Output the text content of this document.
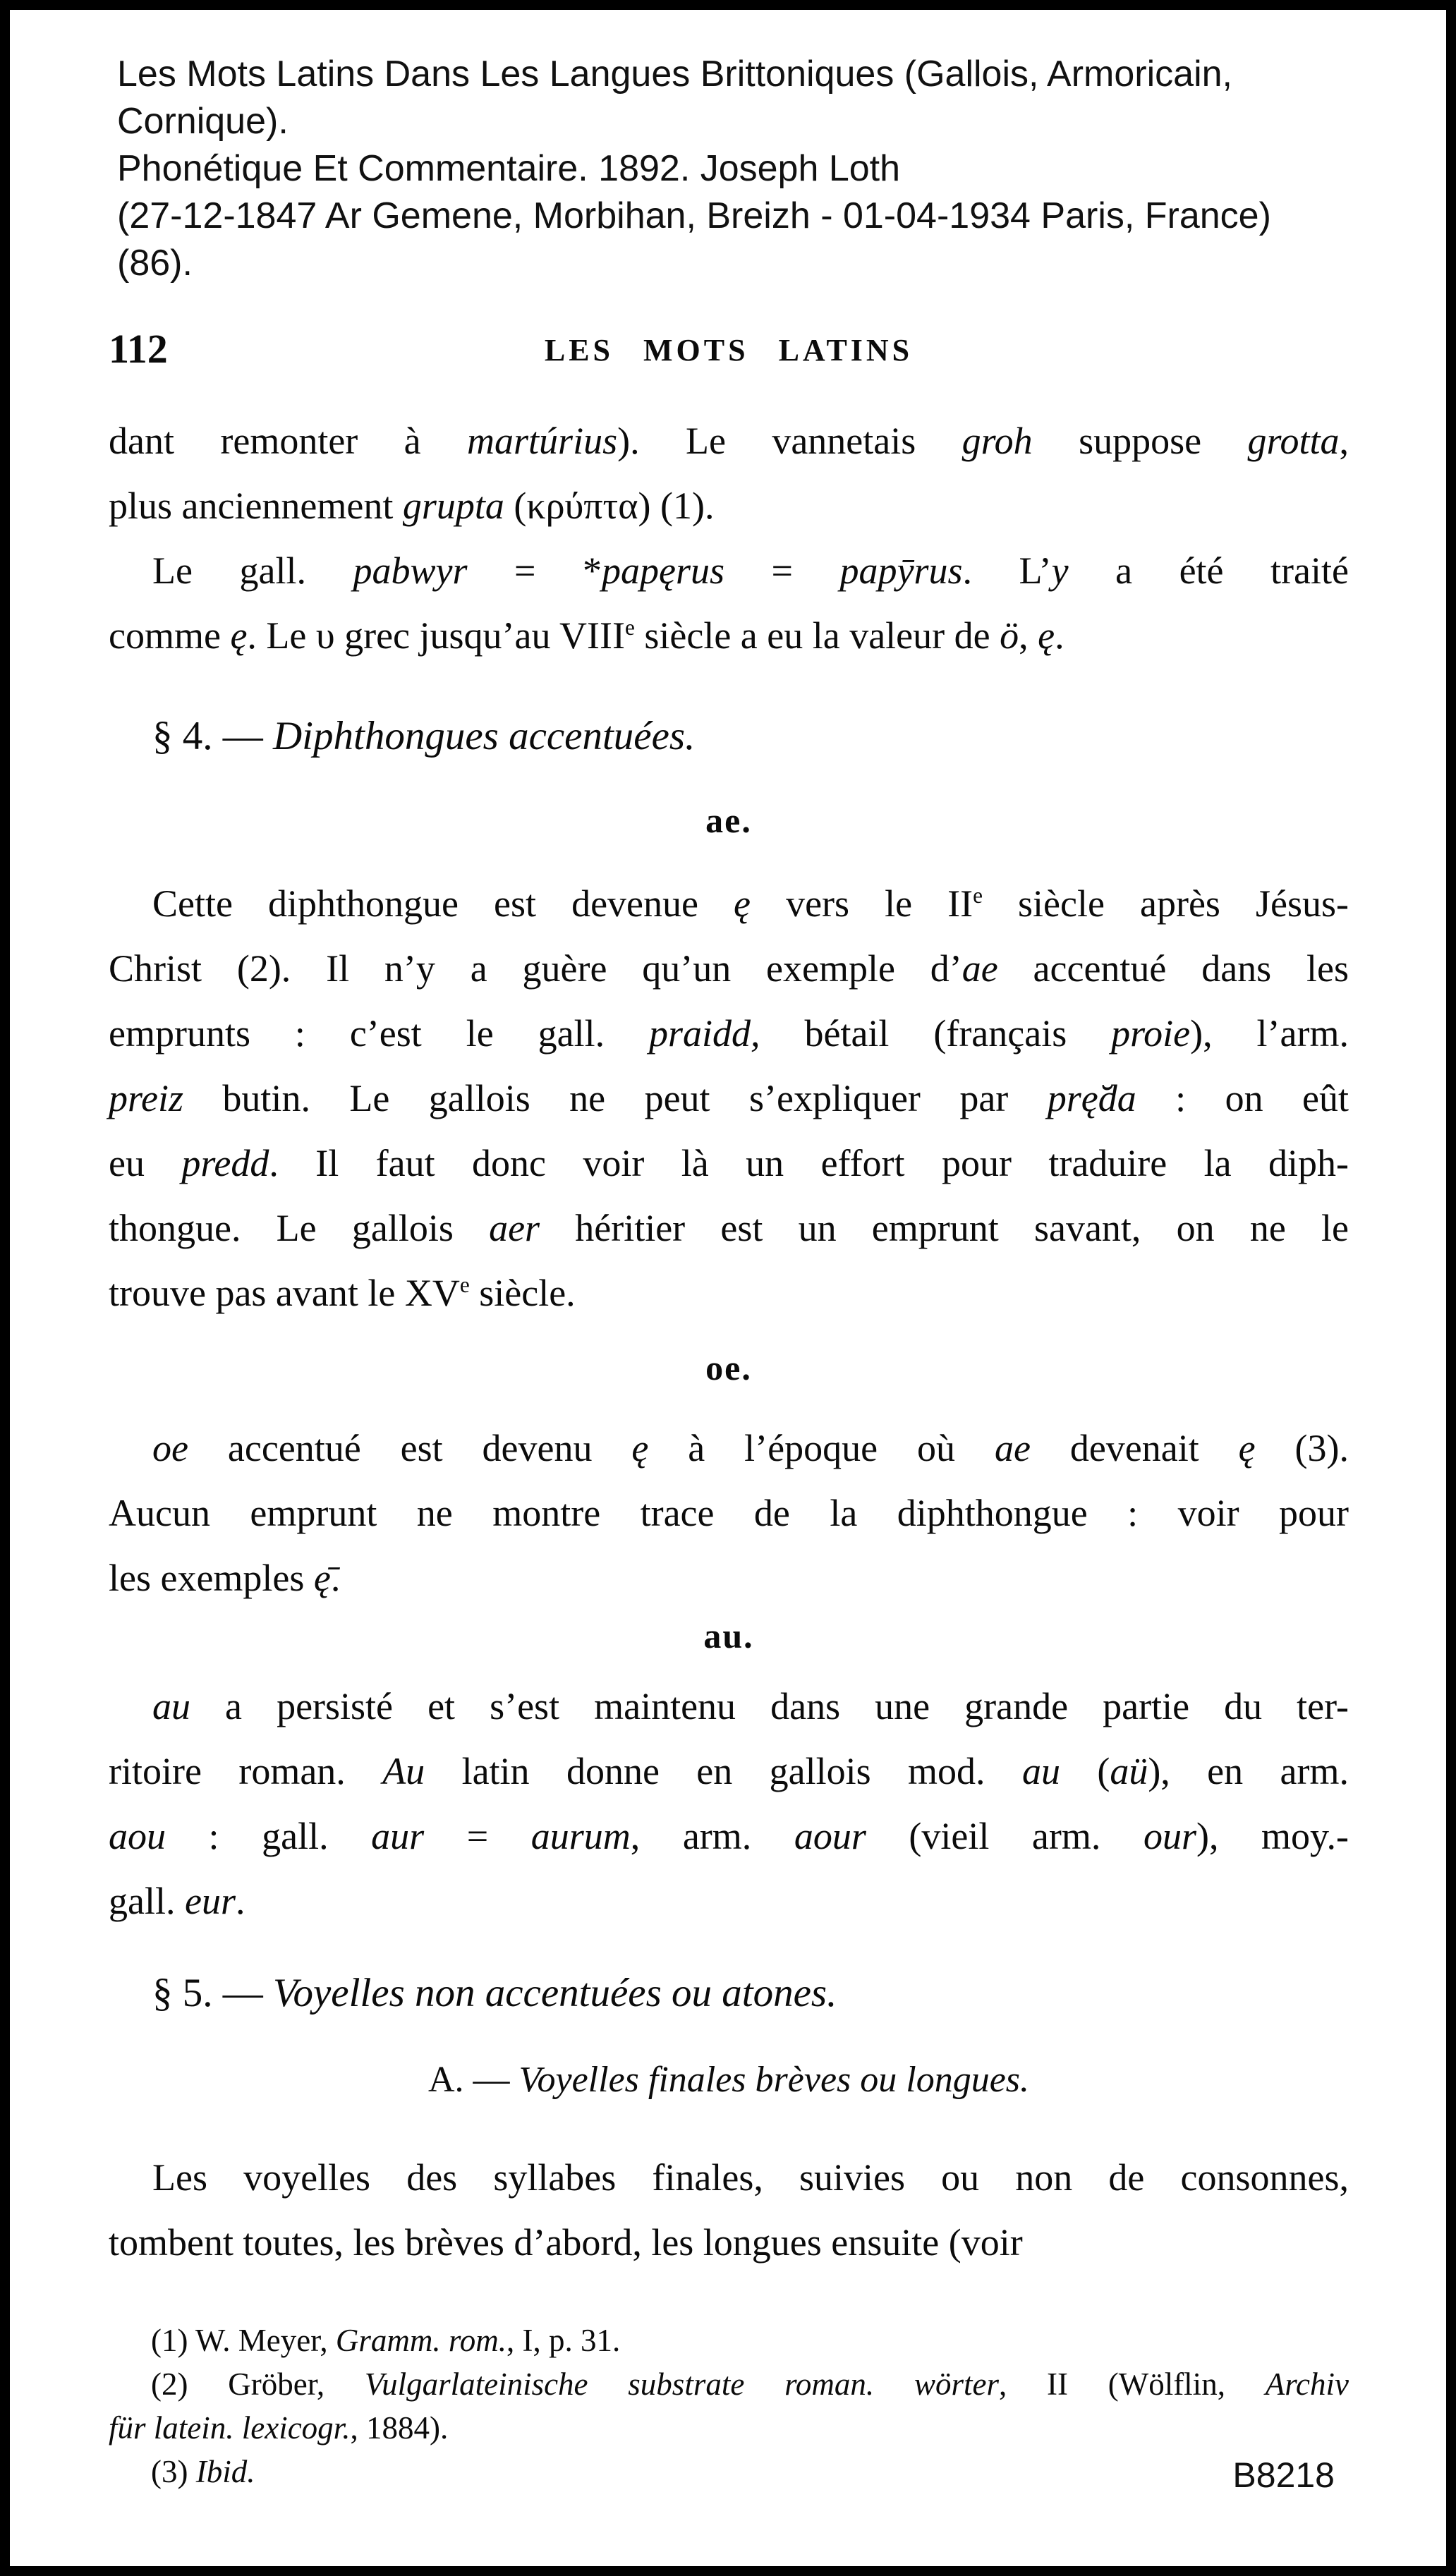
Les Mots Latins Dans Les Langues Brittoniques (Gallois, Armoricain, Cornique).
Phonétique Et Commentaire. 1892. Joseph Loth
(27-12-1847 Ar Gemene, Morbihan, Breizh - 01-04-1934 Paris, France) (86).
112	LES MOTS LATINS
dant remonter à martúrius). Le vannetais groh suppose grotta,
plus anciennement grupta (κρύπτα) (1).
Le gall. pabwyr = *papęrus = papȳrus. L’y a été traité
comme ę. Le υ grec jusqu’au VIIIe siècle a eu la valeur de ö, ę.
§ 4. — Diphthongues accentuées.
ae.
Cette diphthongue est devenue ę vers le IIe siècle après Jésus-
Christ (2). Il n’y a guère qu’un exemple d’ae accentué dans les
emprunts : c’est le gall. praidd, bétail (français proie), l’arm.
preiz butin. Le gallois ne peut s’expliquer par prę̆da : on eût
eu predd. Il faut donc voir là un effort pour traduire la diph-
thongue. Le gallois aer héritier est un emprunt savant, on ne le
trouve pas avant le XVe siècle.
oe.
oe accentué est devenu ę à l’époque où ae devenait ę (3).
Aucun emprunt ne montre trace de la diphthongue : voir pour
les exemples ę̄.
au.
au a persisté et s’est maintenu dans une grande partie du ter-
ritoire roman. Au latin donne en gallois mod. au (aü), en arm.
aou : gall. aur = aurum, arm. aour (vieil arm. our), moy.-
gall. eur.
§ 5. — Voyelles non accentuées ou atones.
A. — Voyelles finales brèves ou longues.
Les voyelles des syllabes finales, suivies ou non de consonnes,
tombent toutes, les brèves d’abord, les longues ensuite (voir
(1) W. Meyer, Gramm. rom., I, p. 31.
(2) Gröber, Vulgarlateinische substrate roman. wörter, II (Wölflin, Archiv
für latein. lexicogr., 1884).
(3) Ibid.	B8218
